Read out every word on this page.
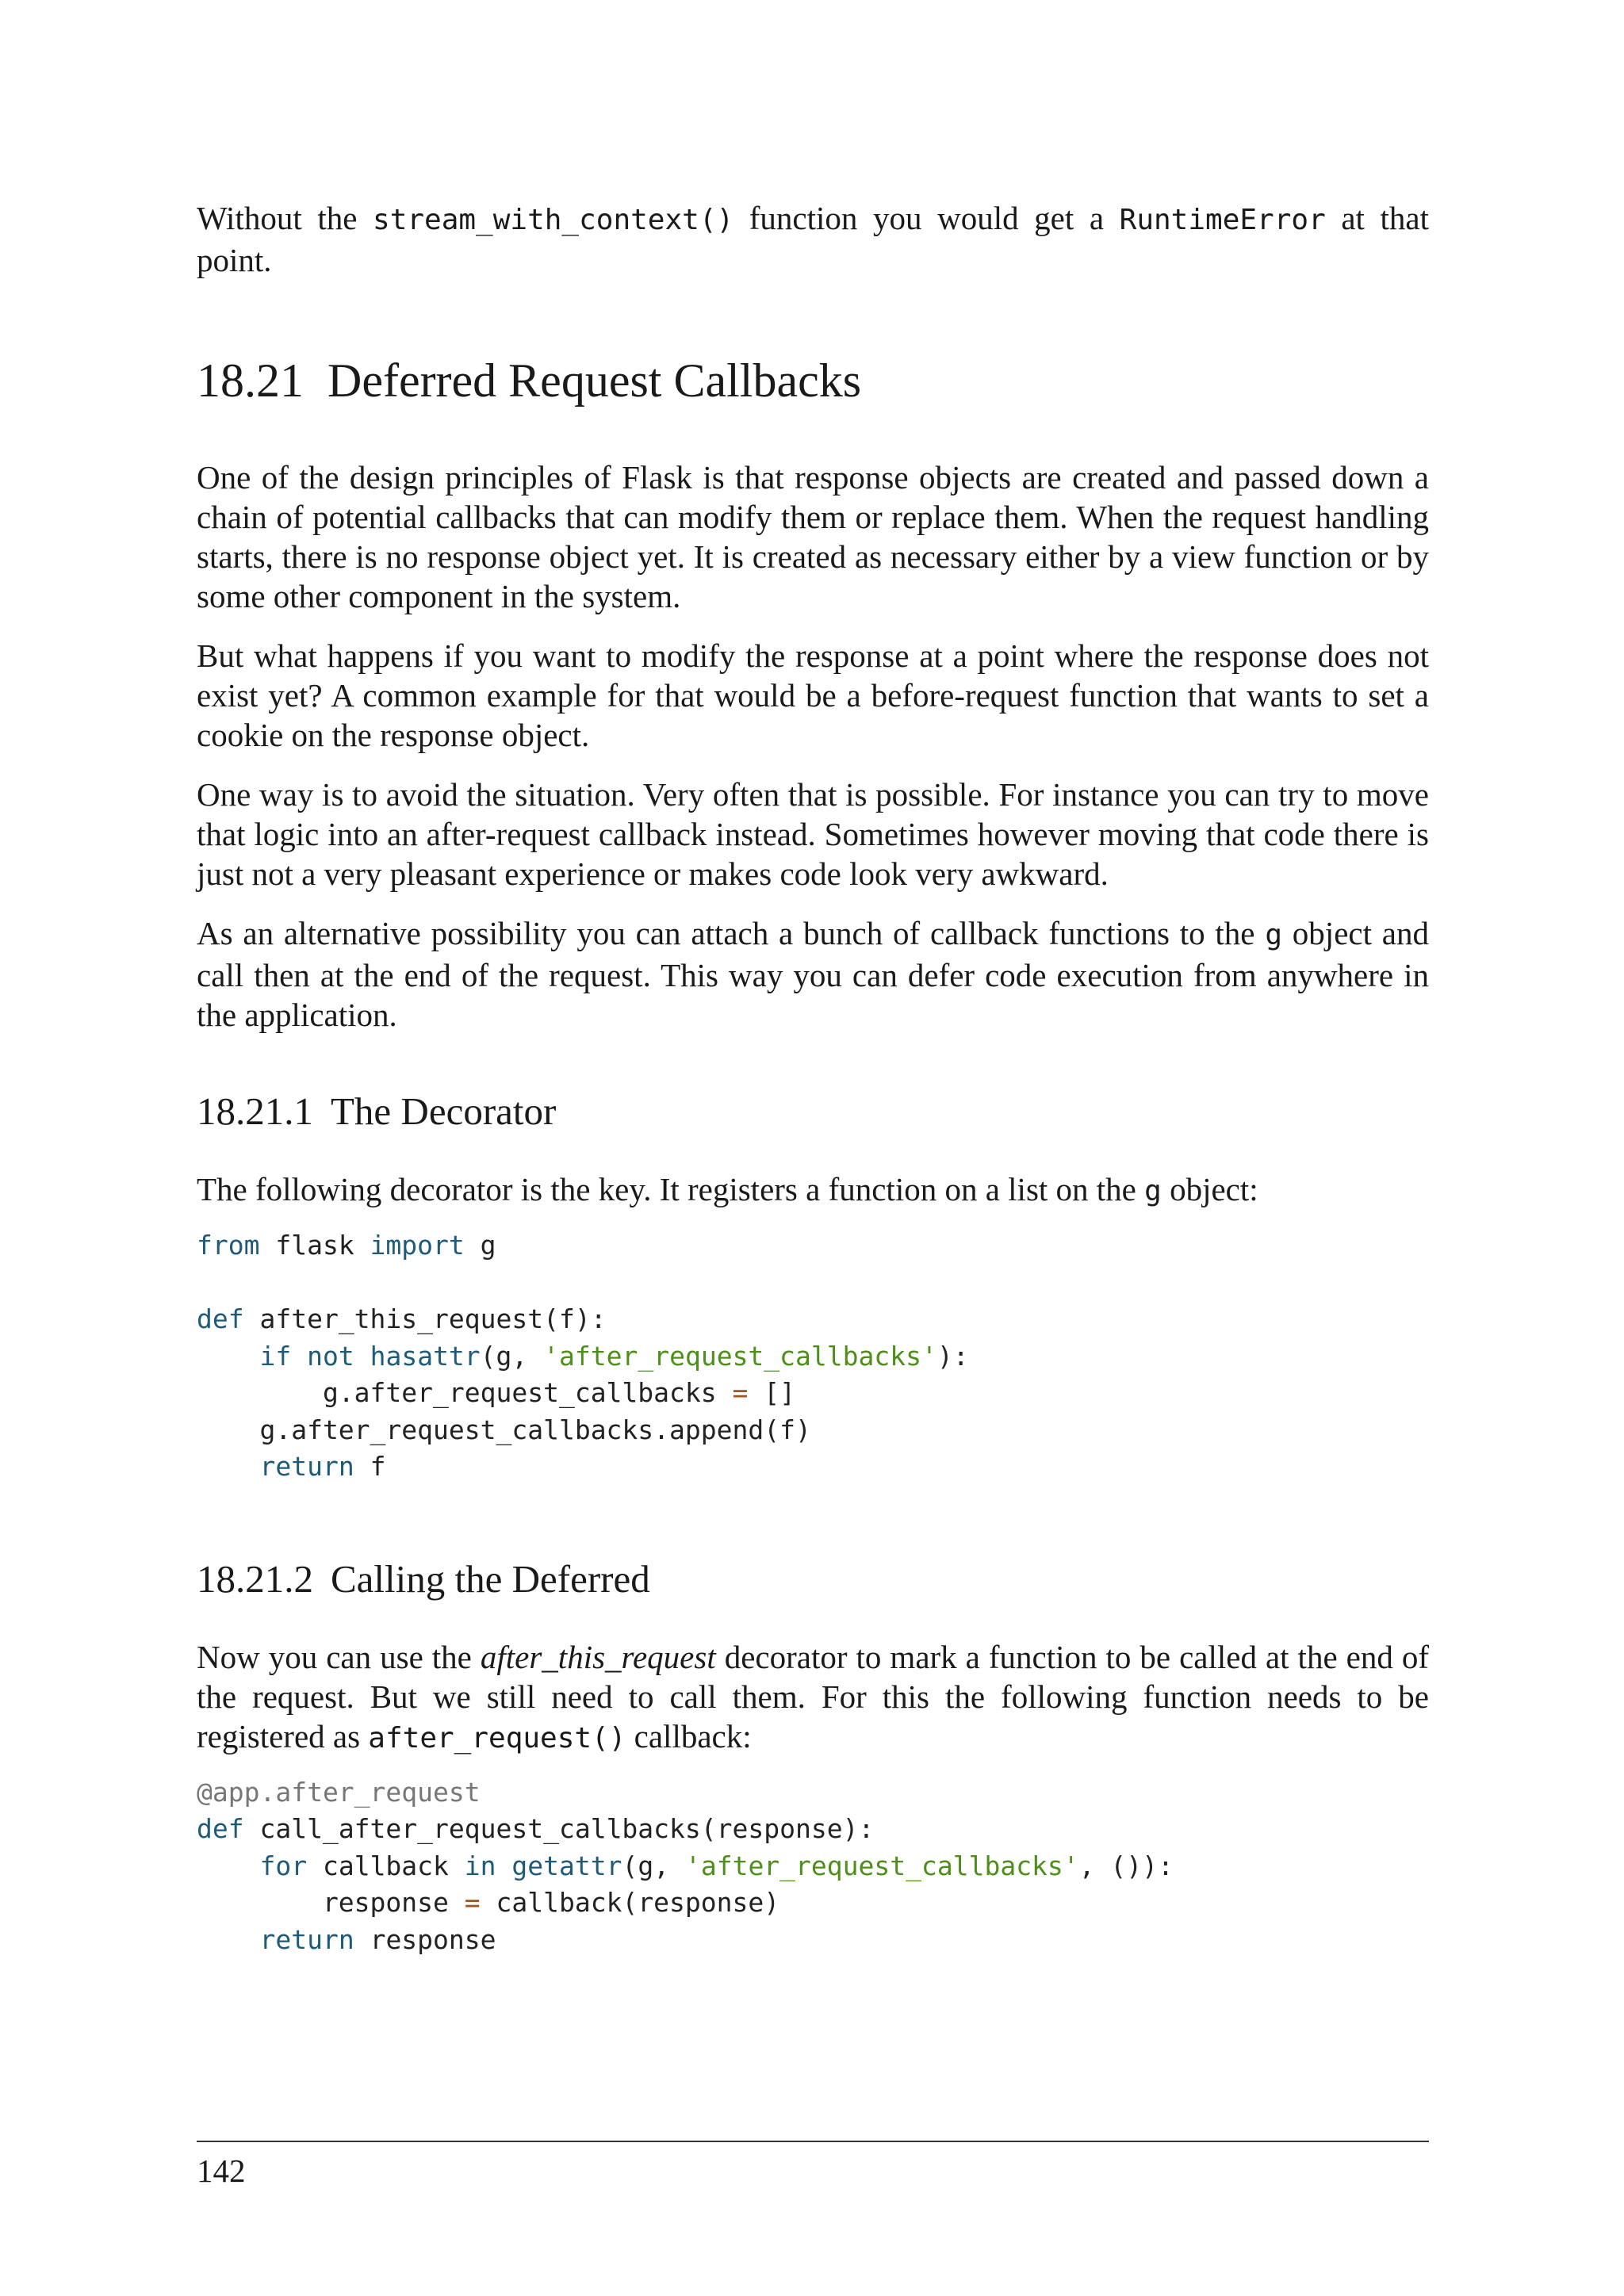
Without the stream_with_context() function you would get a RuntimeError at that point.

18.21 Deferred Request Callbacks

One of the design principles of Flask is that response objects are created and passed down a chain of potential callbacks that can modify them or replace them. When the request handling starts, there is no response object yet. It is created as necessary either by a view function or by some other component in the system.

But what happens if you want to modify the response at a point where the response does not exist yet? A common example for that would be a before-request function that wants to set a cookie on the response object.

One way is to avoid the situation. Very often that is possible. For instance you can try to move that logic into an after-request callback instead. Sometimes however moving that code there is just not a very pleasant experience or makes code look very awkward.

As an alternative possibility you can attach a bunch of callback functions to the g object and call then at the end of the request. This way you can defer code execution from anywhere in the application.

18.21.1 The Decorator

The following decorator is the key. It registers a function on a list on the g object:

from flask import g

def after_this_request(f):
if not hasattr(g, 'after_request_callbacks'):
g.after_request_callbacks = []
g.after_request_callbacks.append(f)
return f
18.21.2 Calling the Deferred

Now you can use the after_this_request decorator to mark a function to be called at the end of the request. But we still need to call them. For this the following function needs to be registered as after_request() callback:

@app.after_request
def call_after_request_callbacks(response):
for callback in getattr(g, 'after_request_callbacks', ()):
response = callback(response)
return response
142
